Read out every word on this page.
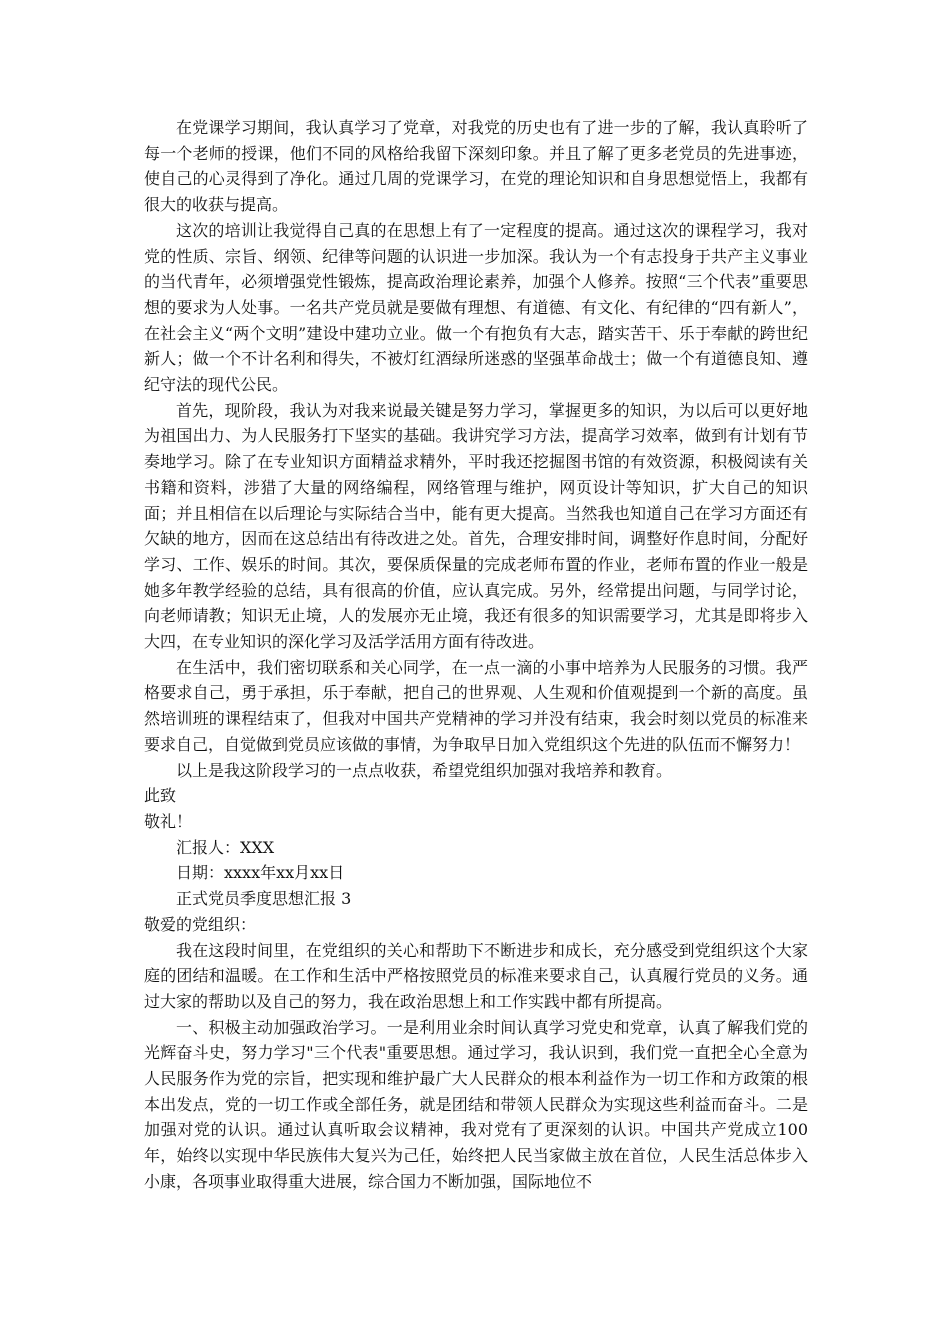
在党课学习期间，我认真学习了党章，对我党的历史也有了进一步的了解，我认真聆听了每一个老师的授课，他们不同的风格给我留下深刻印象。并且了解了更多老党员的先进事迹，使自己的心灵得到了净化。通过几周的党课学习，在党的理论知识和自身思想觉悟上，我都有很大的收获与提高。

这次的培训让我觉得自己真的在思想上有了一定程度的提高。通过这次的课程学习，我对党的性质、宗旨、纲领、纪律等问题的认识进一步加深。我认为一个有志投身于共产主义事业的当代青年，必须增强党性锻炼，提高政治理论素养，加强个人修养。按照“三个代表”重要思想的要求为人处事。一名共产党员就是要做有理想、有道德、有文化、有纪律的“四有新人”，在社会主义“两个文明”建设中建功立业。做一个有抱负有大志，踏实苦干、乐于奉献的跨世纪新人；做一个不计名利和得失，不被灯红酒绿所迷惑的坚强革命战士；做一个有道德良知、遵纪守法的现代公民。

首先，现阶段，我认为对我来说最关键是努力学习，掌握更多的知识，为以后可以更好地为祖国出力、为人民服务打下坚实的基础。我讲究学习方法，提高学习效率，做到有计划有节奏地学习。除了在专业知识方面精益求精外，平时我还挖掘图书馆的有效资源，积极阅读有关书籍和资料，涉猎了大量的网络编程，网络管理与维护，网页设计等知识，扩大自己的知识面；并且相信在以后理论与实际结合当中，能有更大提高。当然我也知道自己在学习方面还有欠缺的地方，因而在这总结出有待改进之处。首先，合理安排时间，调整好作息时间，分配好学习、工作、娱乐的时间。其次，要保质保量的完成老师布置的作业，老师布置的作业一般是她多年教学经验的总结，具有很高的价值，应认真完成。另外，经常提出问题，与同学讨论，向老师请教；知识无止境，人的发展亦无止境，我还有很多的知识需要学习，尤其是即将步入大四，在专业知识的深化学习及活学活用方面有待改进。

在生活中，我们密切联系和关心同学，在一点一滴的小事中培养为人民服务的习惯。我严格要求自己，勇于承担，乐于奉献，把自己的世界观、人生观和价值观提到一个新的高度。虽然培训班的课程结束了，但我对中国共产党精神的学习并没有结束，我会时刻以党员的标准来要求自己，自觉做到党员应该做的事情，为争取早日加入党组织这个先进的队伍而不懈努力！

以上是我这阶段学习的一点点收获，希望党组织加强对我培养和教育。

此致

敬礼！

汇报人：XXX

日期：xxxx年xx月xx日

正式党员季度思想汇报 3

敬爱的党组织：

我在这段时间里，在党组织的关心和帮助下不断进步和成长，充分感受到党组织这个大家庭的团结和温暖。在工作和生活中严格按照党员的标准来要求自己，认真履行党员的义务。通过大家的帮助以及自己的努力，我在政治思想上和工作实践中都有所提高。

一、积极主动加强政治学习。一是利用业余时间认真学习党史和党章，认真了解我们党的光辉奋斗史，努力学习"三个代表"重要思想。通过学习，我认识到，我们党一直把全心全意为人民服务作为党的宗旨，把实现和维护最广大人民群众的根本利益作为一切工作和方政策的根本出发点，党的一切工作或全部任务，就是团结和带领人民群众为实现这些利益而奋斗。二是加强对党的认识。通过认真听取会议精神，我对党有了更深刻的认识。中国共产党成立100年，始终以实现中华民族伟大复兴为己任，始终把人民当家做主放在首位，人民生活总体步入小康，各项事业取得重大进展，综合国力不断加强，国际地位不
